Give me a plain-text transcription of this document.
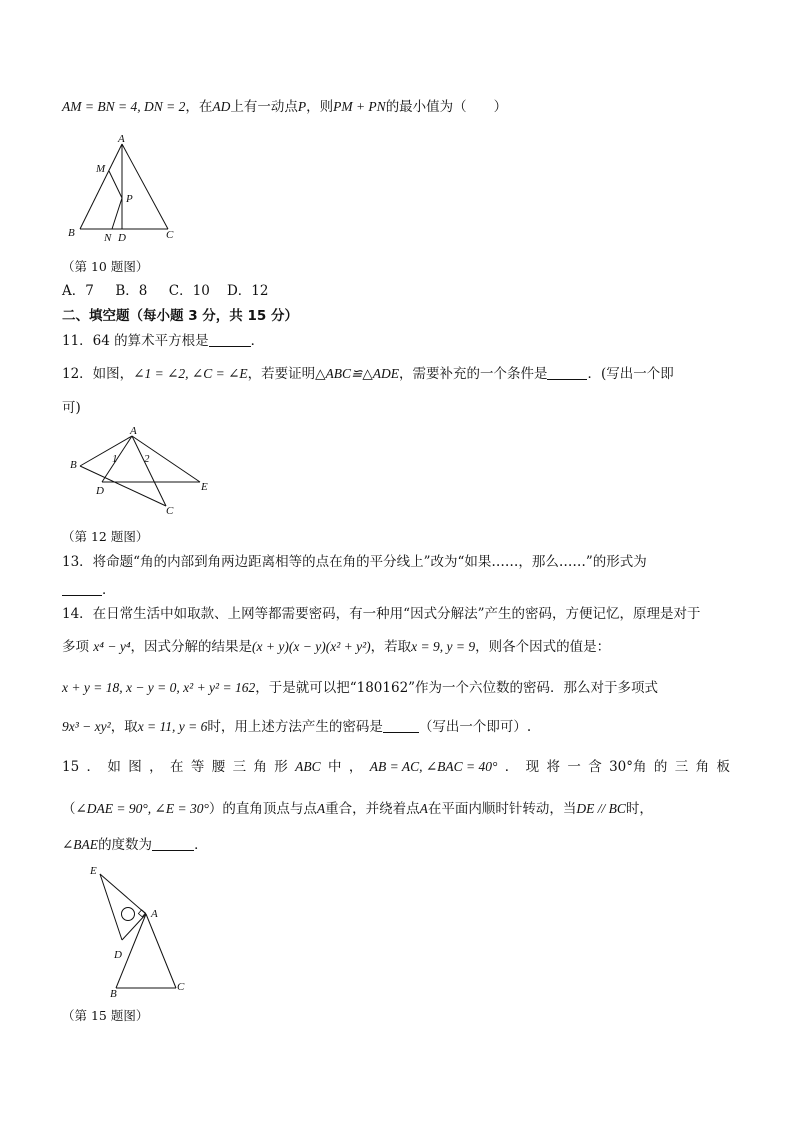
AM = BN = 4, DN = 2，在AD上有一动点P，则PM + PN的最小值为（　　）
A
M
P
B	N D	C
（第 10 题图）
A．7 B．8 C．10 D．12
二、填空题（每小题 3 分，共 15 分）
11．64 的算术平方根是	．
12．如图，∠1 = ∠2, ∠C = ∠E，若要证明△ABC≌△ADE，需要补充的一个条件是	．(写出一个即
可)
A
B	1 2
D	E
C
（第 12 题图）
13．将命题“角的内部到角两边距离相等的点在角的平分线上”改为“如果……，那么……”的形式为
．
14．在日常生活中如取款、上网等都需要密码，有一种用“因式分解法”产生的密码，方便记忆，原理是对于
多项 x⁴ − y⁴，因式分解的结果是(x + y)(x − y)(x² + y²)，若取x = 9, y = 9，则各个因式的值是：
x + y = 18, x − y = 0, x² + y² = 162，于是就可以把“180162”作为一个六位数的密码．那么对于多项式
9x³ − xy²，取x = 11, y = 6时，用上述方法产生的密码是	（写出一个即可）.
15 ． 如 图 ， 在 等 腰 三 角 形 ABC 中 ， AB = AC, ∠BAC = 40° ． 现 将 一 含 30°角 的 三 角 板
（∠DAE = 90°, ∠E = 30°）的直角顶点与点A重合，并绕着点A在平面内顺时针转动，当DE // BC时，
∠BAE的度数为	．
E
A
D
B
C
（第 15 题图）
